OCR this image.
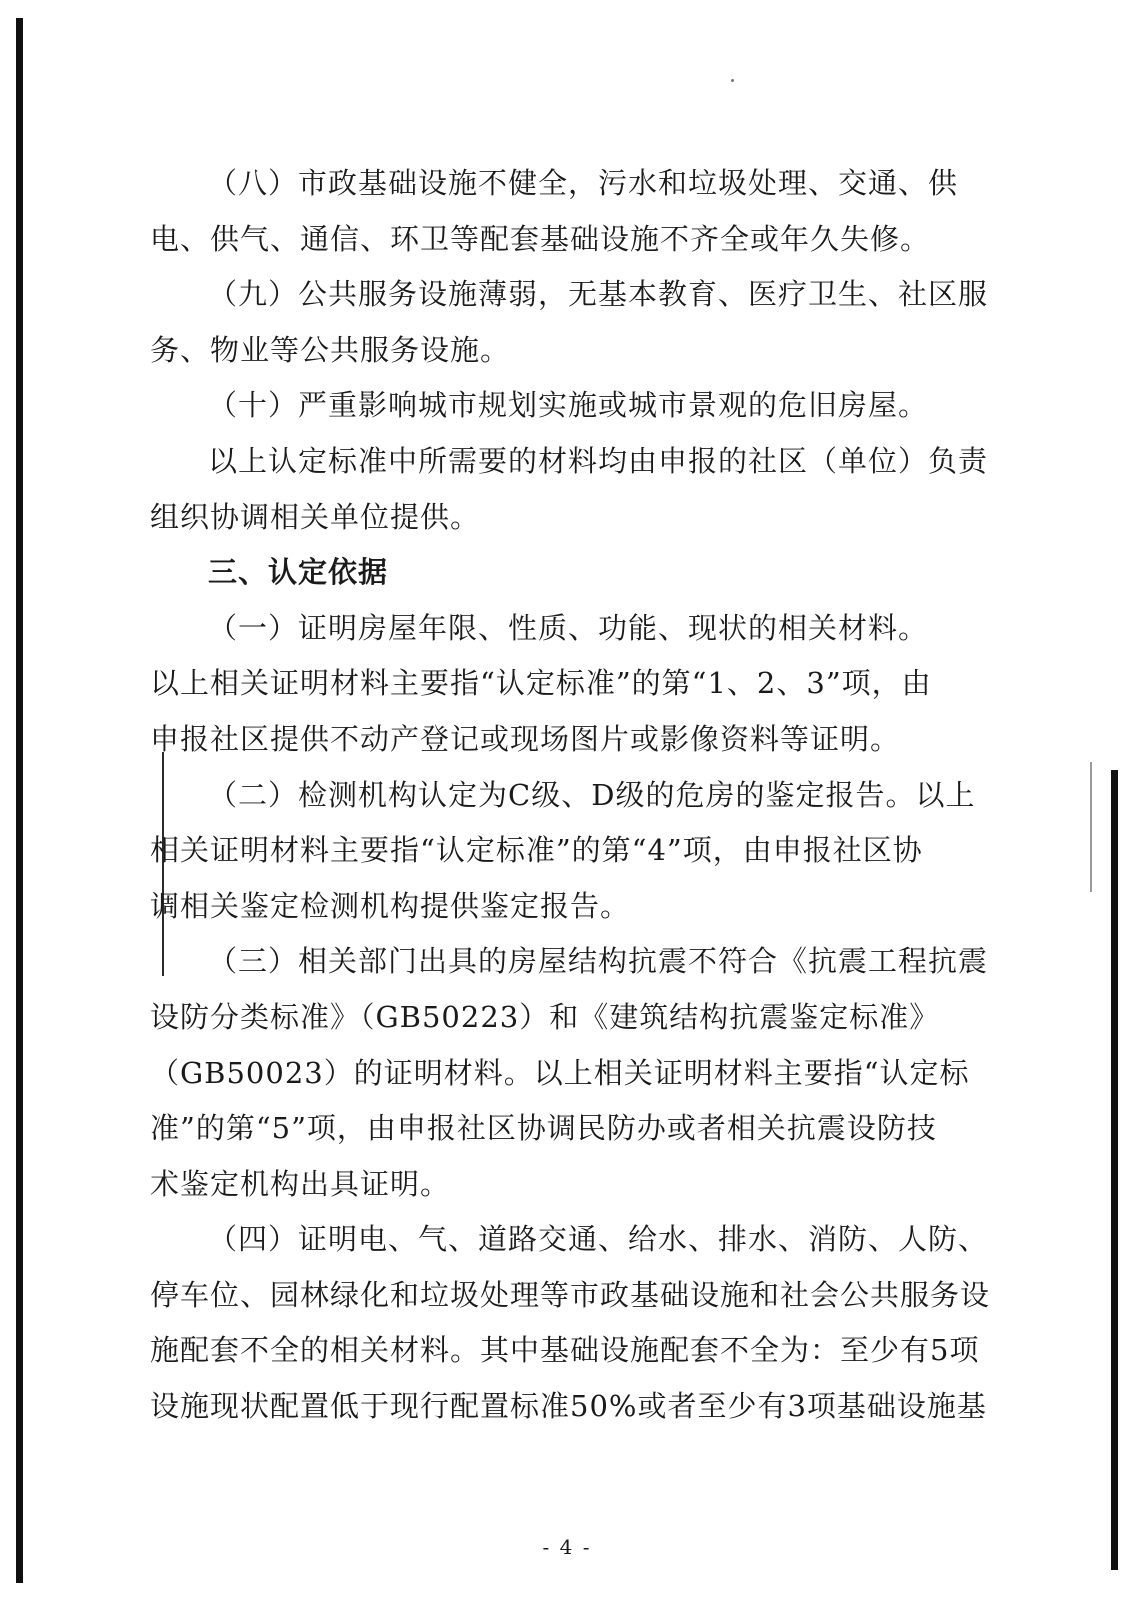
（八）市政基础设施不健全，污水和垃圾处理、交通、供
电、供气、通信、环卫等配套基础设施不齐全或年久失修。
（九）公共服务设施薄弱，无基本教育、医疗卫生、社区服
务、物业等公共服务设施。
（十）严重影响城市规划实施或城市景观的危旧房屋。
以上认定标准中所需要的材料均由申报的社区（单位）负责
组织协调相关单位提供。
三、认定依据
（一）证明房屋年限、性质、功能、现状的相关材料。
以上相关证明材料主要指“认定标准”的第“1、2、3”项，由
申报社区提供不动产登记或现场图片或影像资料等证明。
（二）检测机构认定为C级、D级的危房的鉴定报告。以上
相关证明材料主要指“认定标准”的第“4”项，由申报社区协
调相关鉴定检测机构提供鉴定报告。
（三）相关部门出具的房屋结构抗震不符合《抗震工程抗震
设防分类标准》（GB50223）和《建筑结构抗震鉴定标准》
（GB50023）的证明材料。以上相关证明材料主要指“认定标
准”的第“5”项，由申报社区协调民防办或者相关抗震设防技
术鉴定机构出具证明。
（四）证明电、气、道路交通、给水、排水、消防、人防、
停车位、园林绿化和垃圾处理等市政基础设施和社会公共服务设
施配套不全的相关材料。其中基础设施配套不全为：至少有5项
设施现状配置低于现行配置标准50%或者至少有3项基础设施基
- 4 -
